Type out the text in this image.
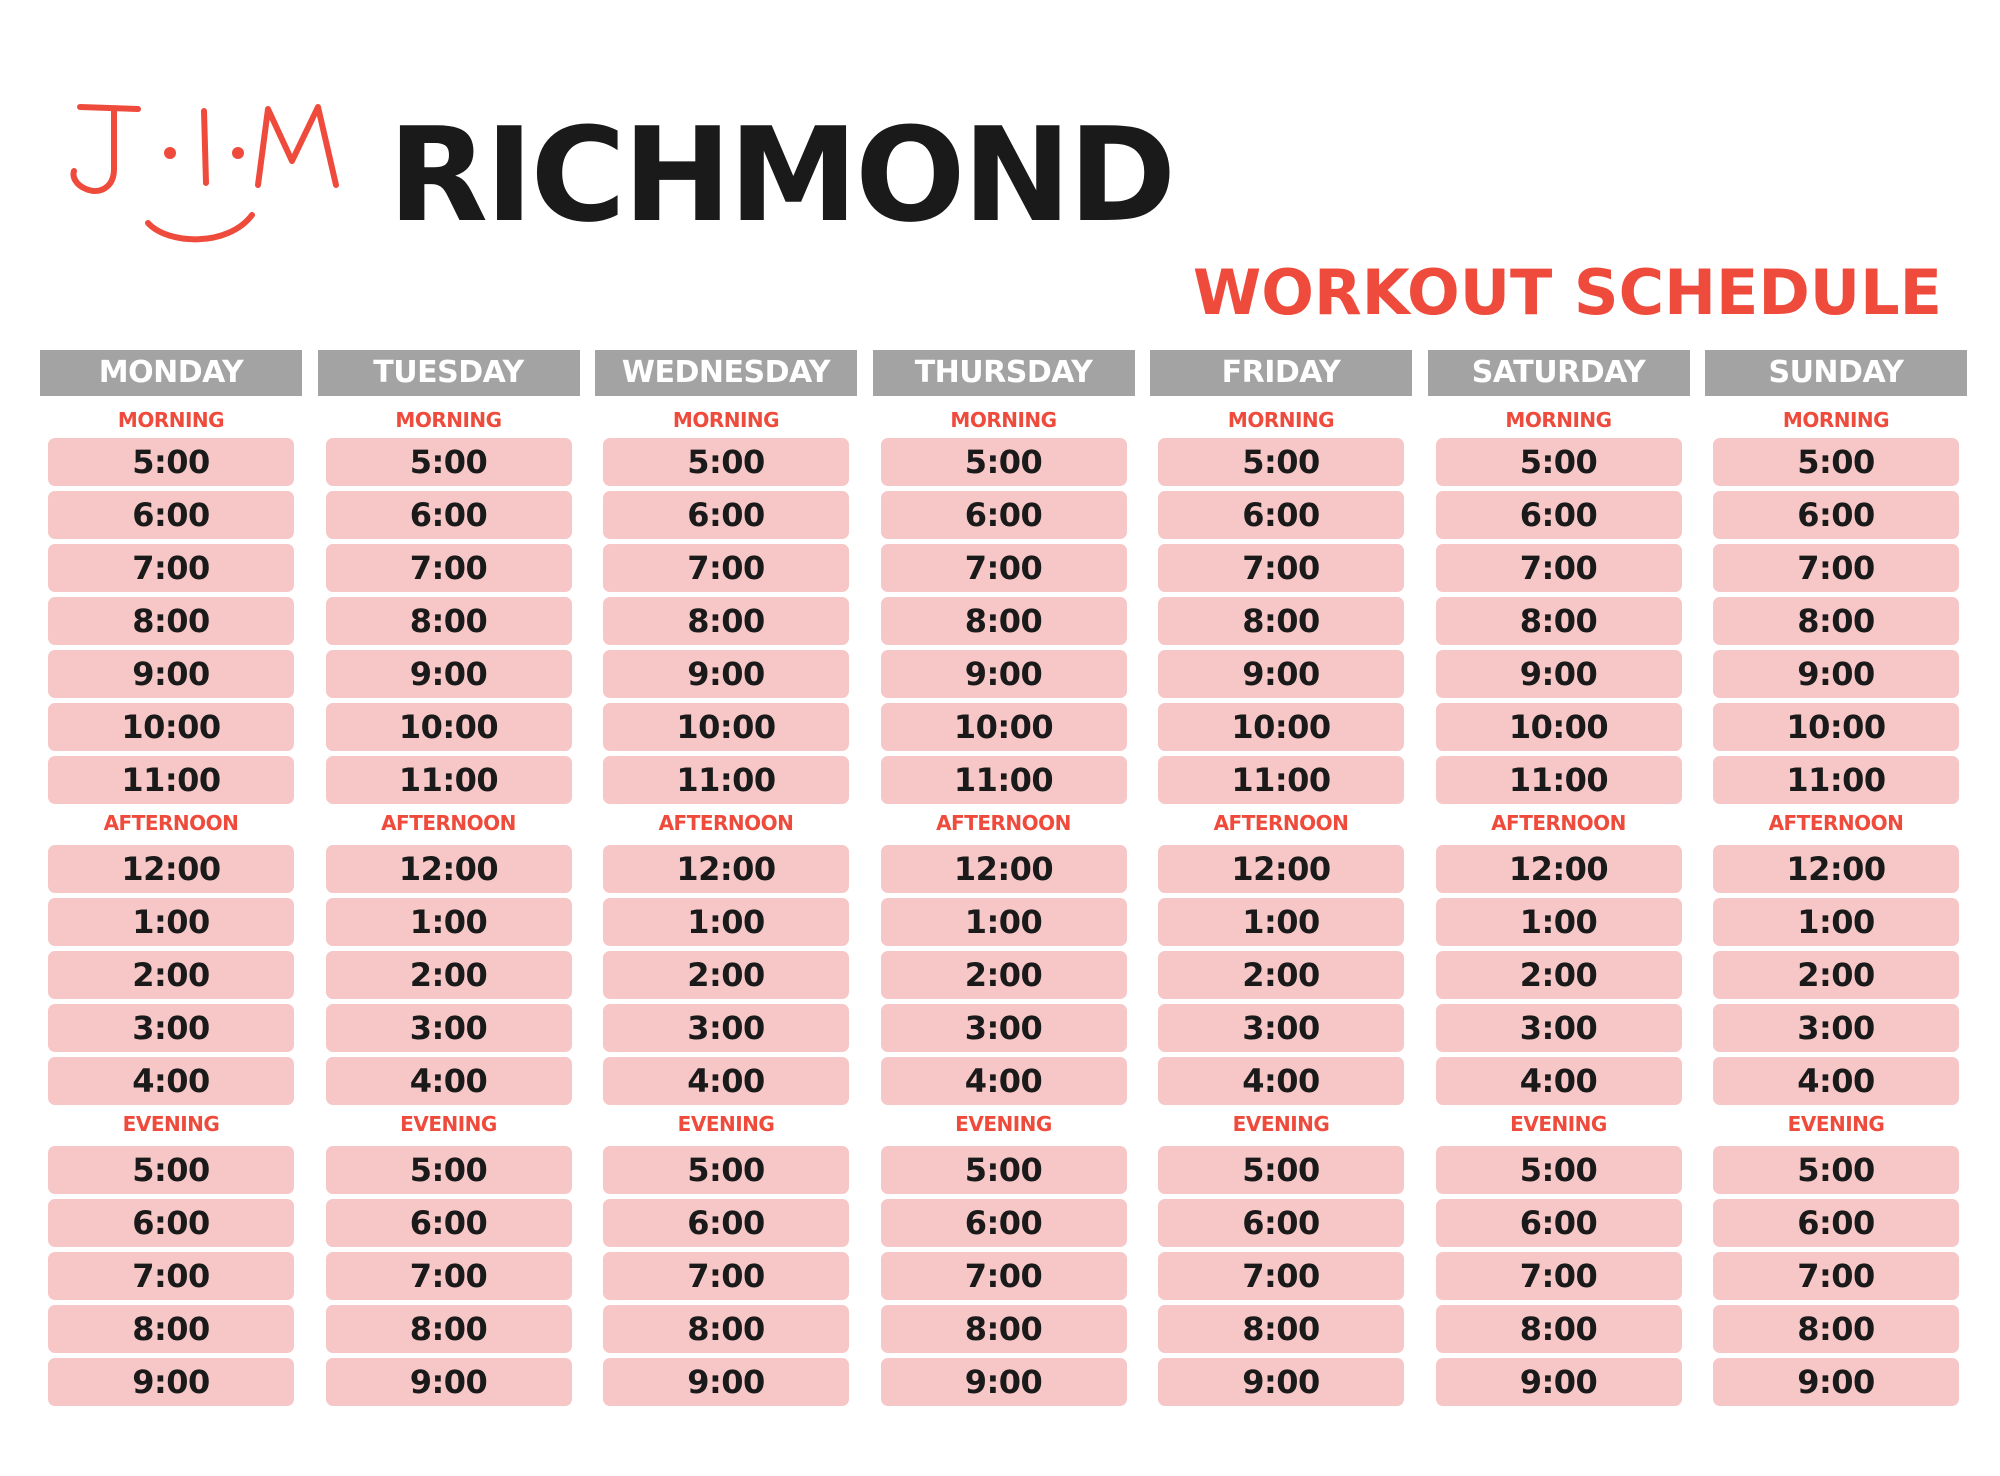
RICHMOND
WORKOUT SCHEDULE
MONDAY
MORNING
5:00
6:00
7:00
8:00
9:00
10:00
11:00
AFTERNOON
12:00
1:00
2:00
3:00
4:00
EVENING
5:00
6:00
7:00
8:00
9:00
TUESDAY
MORNING
5:00
6:00
7:00
8:00
9:00
10:00
11:00
AFTERNOON
12:00
1:00
2:00
3:00
4:00
EVENING
5:00
6:00
7:00
8:00
9:00
WEDNESDAY
MORNING
5:00
6:00
7:00
8:00
9:00
10:00
11:00
AFTERNOON
12:00
1:00
2:00
3:00
4:00
EVENING
5:00
6:00
7:00
8:00
9:00
THURSDAY
MORNING
5:00
6:00
7:00
8:00
9:00
10:00
11:00
AFTERNOON
12:00
1:00
2:00
3:00
4:00
EVENING
5:00
6:00
7:00
8:00
9:00
FRIDAY
MORNING
5:00
6:00
7:00
8:00
9:00
10:00
11:00
AFTERNOON
12:00
1:00
2:00
3:00
4:00
EVENING
5:00
6:00
7:00
8:00
9:00
SATURDAY
MORNING
5:00
6:00
7:00
8:00
9:00
10:00
11:00
AFTERNOON
12:00
1:00
2:00
3:00
4:00
EVENING
5:00
6:00
7:00
8:00
9:00
SUNDAY
MORNING
5:00
6:00
7:00
8:00
9:00
10:00
11:00
AFTERNOON
12:00
1:00
2:00
3:00
4:00
EVENING
5:00
6:00
7:00
8:00
9:00
